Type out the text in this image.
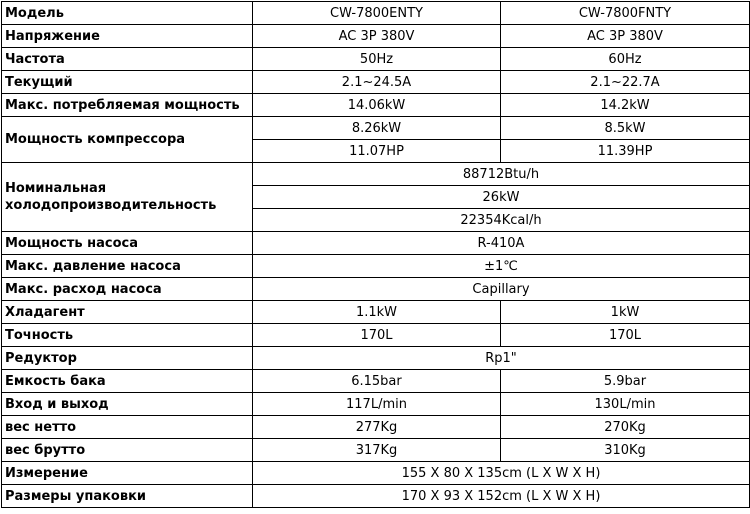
Модель	CW-7800ENTY	CW-7800FNTY
Напряжение	AC 3P 380V	AC 3P 380V
Частота	50Hz	60Hz
Текущий	2.1~24.5A	2.1~22.7A
Макс. потребляемая мощность	14.06kW	14.2kW
Мощность компрессора	8.26kW	8.5kW
	11.07HP	11.39HP
Номинальная холодопроизводительность	88712Btu/h	
	26kW	
	22354Kcal/h	
Мощность насоса	R-410A	
Макс. давление насоса	±1℃	
Макс. расход насоса	Capillary	
Хладагент	1.1kW	1kW
Точность	170L	170L
Редуктор	Rp1"	
Емкость бака	6.15bar	5.9bar
Вход и выход	117L/min	130L/min
вес нетто	277Kg	270Kg
вес брутто	317Kg	310Kg
Измерение	155 X 80 X 135cm (L X W X H)	
Размеры упаковки	170 X 93 X 152cm (L X W X H)	
